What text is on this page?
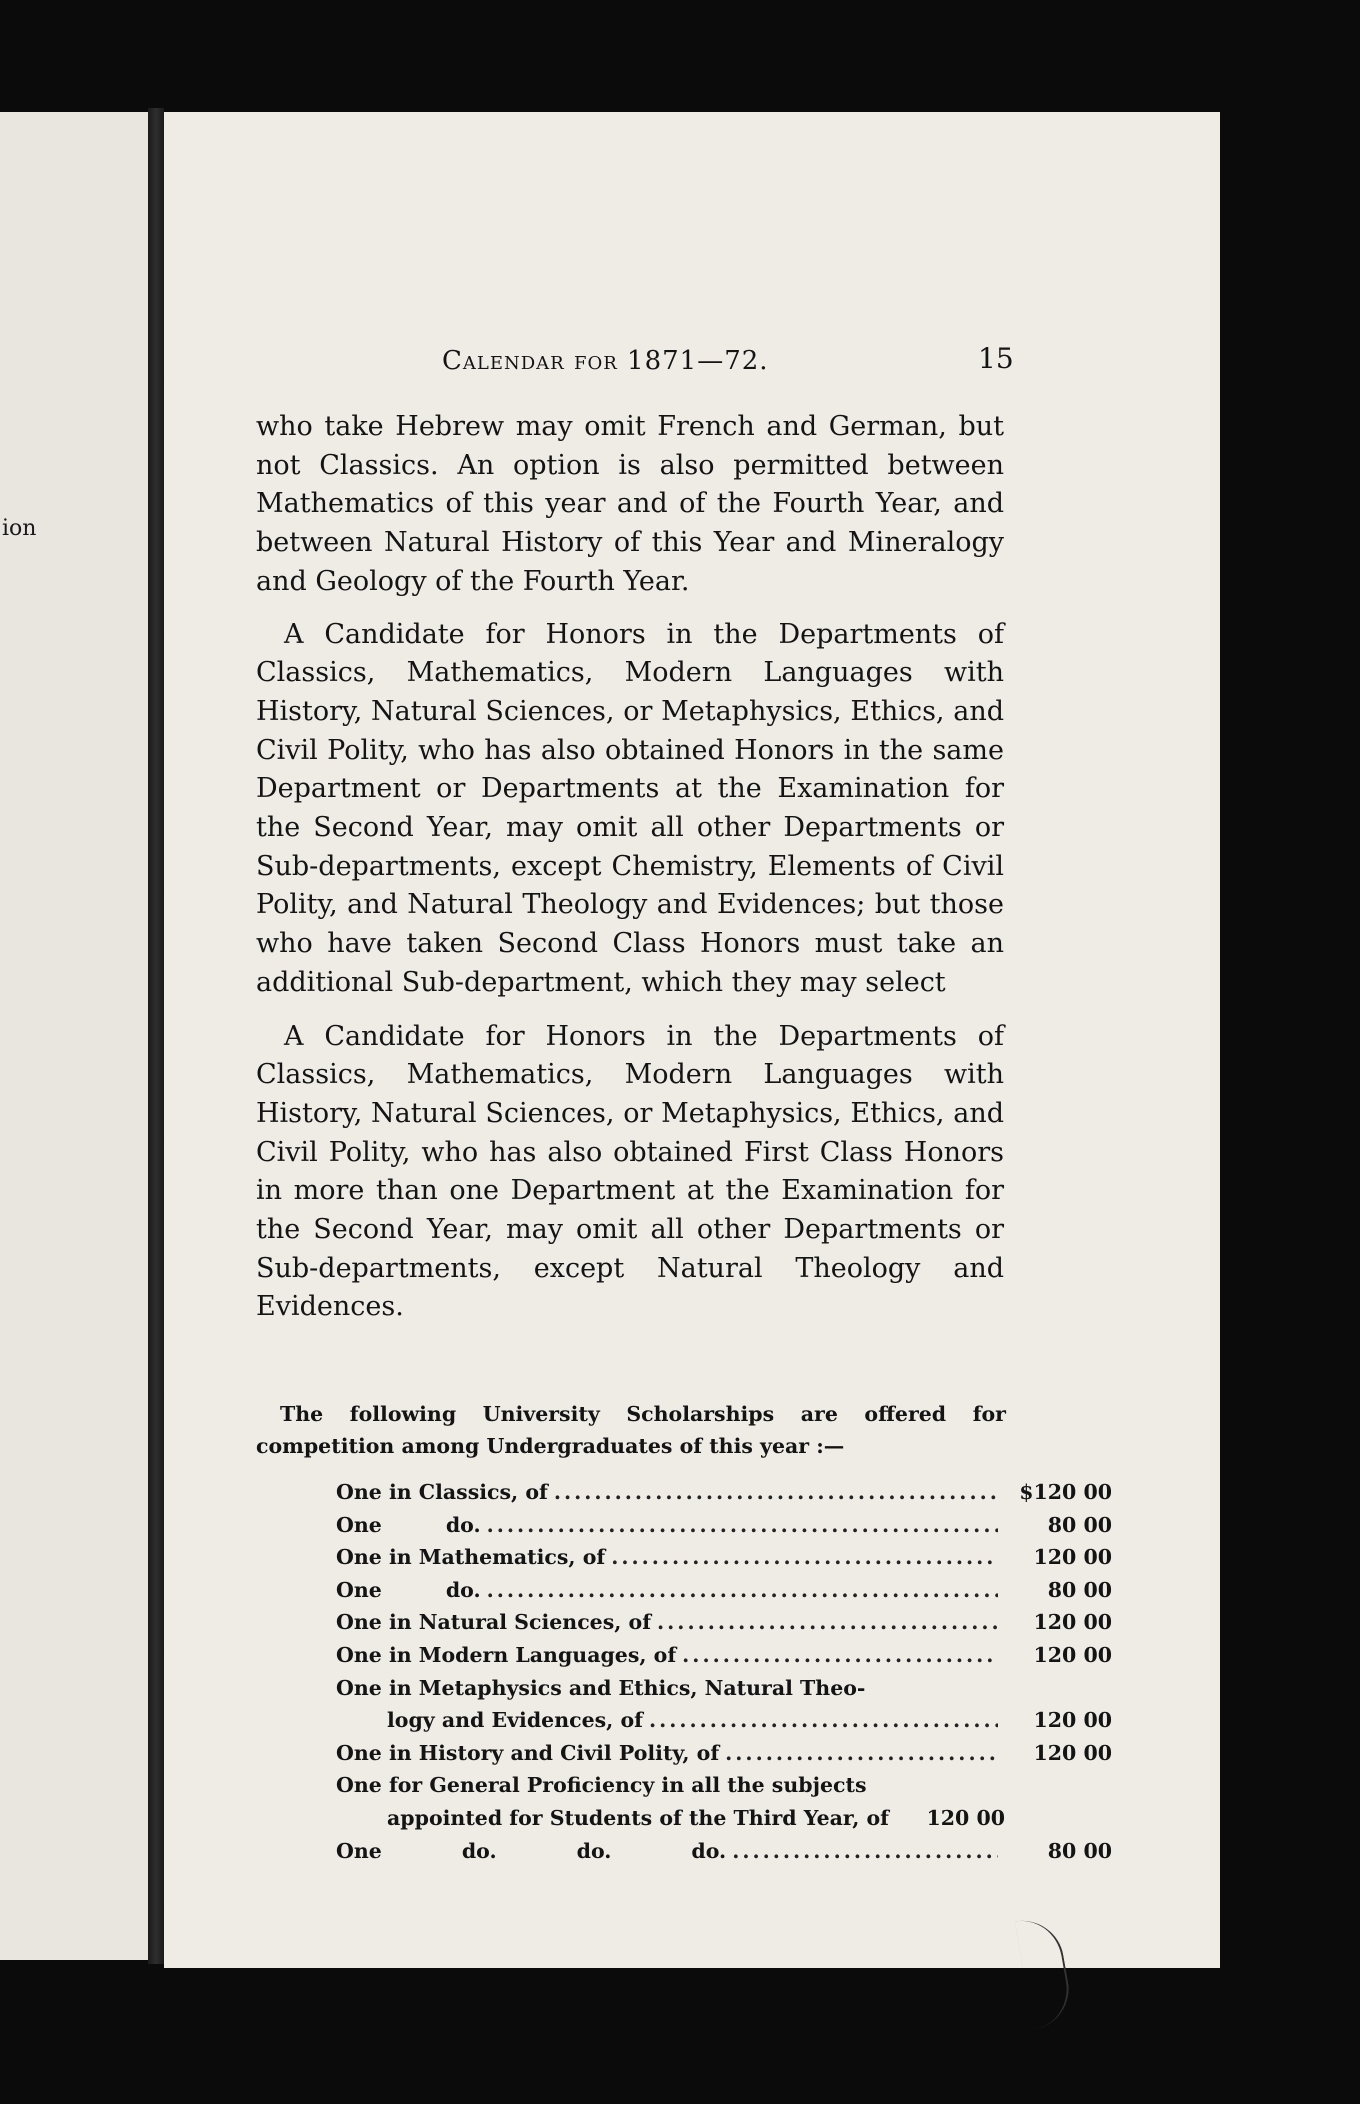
ion
Calendar for 1871—72.	15

who take Hebrew may omit French and German, but not Classics. An option is also permitted between Mathematics of this year and of the Fourth Year, and between Natural History of this Year and Mineralogy and Geology of the Fourth Year.

A Candidate for Honors in the Departments of Classics, Mathematics, Modern Languages with History, Natural Sciences, or Metaphysics, Ethics, and Civil Polity, who has also obtained Honors in the same Department or Departments at the Examination for the Second Year, may omit all other Departments or Sub-departments, except Chemistry, Elements of Civil Polity, and Natural Theology and Evidences; but those who have taken Second Class Honors must take an additional Sub-department, which they may select

A Candidate for Honors in the Departments of Classics, Mathematics, Modern Languages with History, Natural Sciences, or Metaphysics, Ethics, and Civil Polity, who has also obtained First Class Honors in more than one Department at the Examination for the Second Year, may omit all other Departments or Sub-departments, except Natural Theology and Evidences.

The following University Scholarships are offered for competition among Undergraduates of this year :—
One in Classics, of .....	$120 00
One	do. .....	80 00
One in Mathematics, of .....	120 00
One	do. .....	80 00
One in Natural Sciences, of .....	120 00
One in Modern Languages, of .....	120 00
One in Metaphysics and Ethics, Natural Theo-
logy and Evidences, of .....	120 00
One in History and Civil Polity, of .....	120 00
One for General Proficiency in all the subjects
appointed for Students of the Third Year, of	120 00
One	do.	do.	do. .....	80 00
